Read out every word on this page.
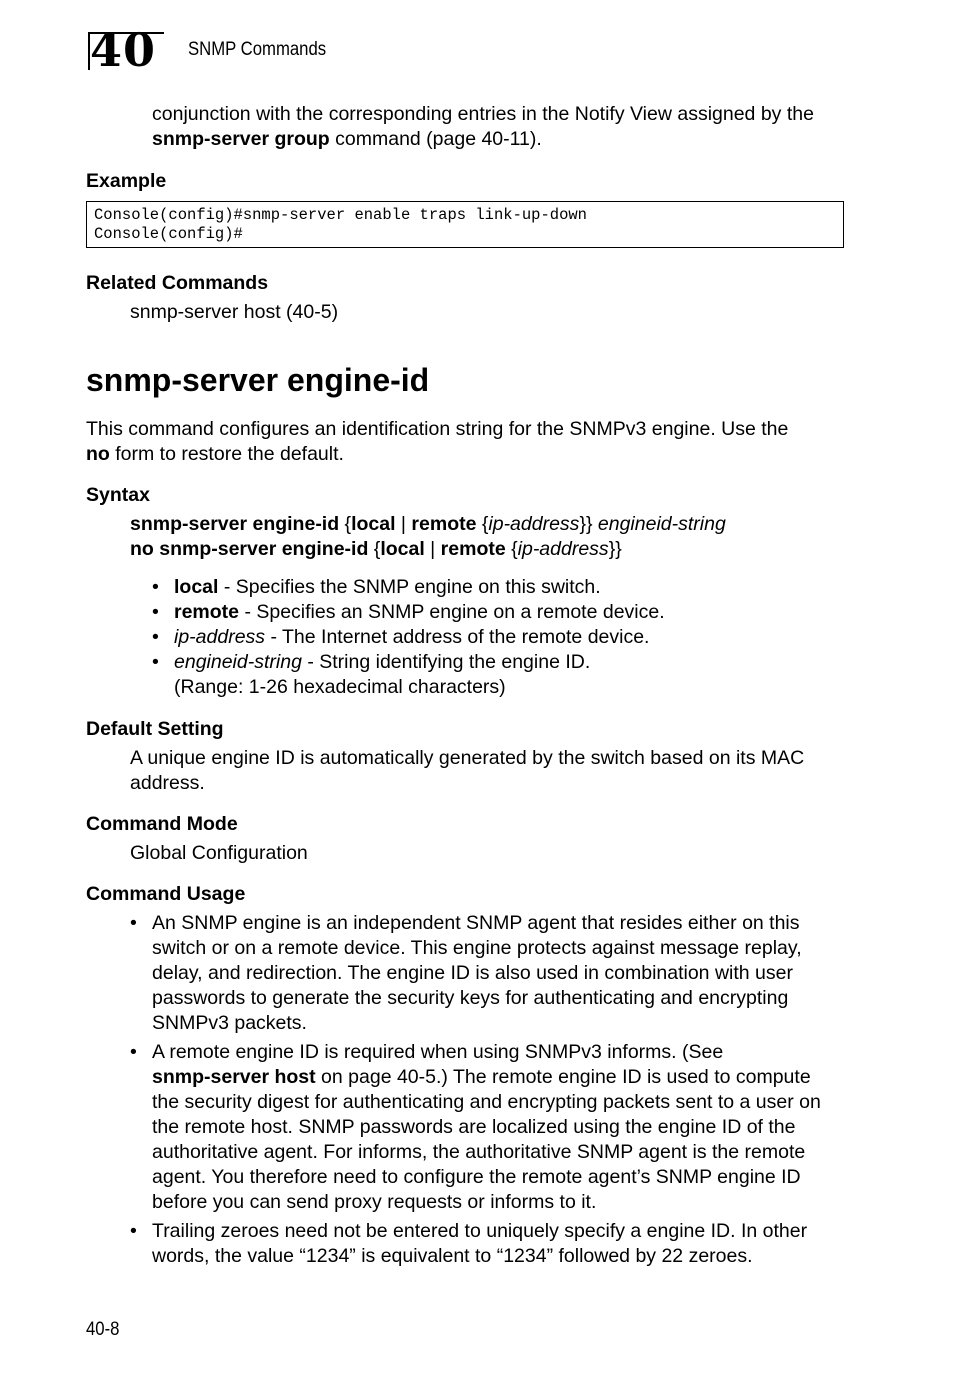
40 SNMP Commands
conjunction with the corresponding entries in the Notify View assigned by the
snmp-server group command (page 40-11).
Example
Console(config)#snmp-server enable traps link-up-down
Console(config)#
Related Commands
snmp-server host (40-5)
snmp-server engine-id
This command configures an identification string for the SNMPv3 engine. Use the
no form to restore the default.
Syntax
snmp-server engine-id {local | remote {ip-address}} engineid-string
no snmp-server engine-id {local | remote {ip-address}}
• local - Specifies the SNMP engine on this switch.
• remote - Specifies an SNMP engine on a remote device.
• ip-address - The Internet address of the remote device.
• engineid-string - String identifying the engine ID.
(Range: 1-26 hexadecimal characters)
Default Setting
A unique engine ID is automatically generated by the switch based on its MAC
address.
Command Mode
Global Configuration
Command Usage
• An SNMP engine is an independent SNMP agent that resides either on this
switch or on a remote device. This engine protects against message replay,
delay, and redirection. The engine ID is also used in combination with user
passwords to generate the security keys for authenticating and encrypting
SNMPv3 packets.
• A remote engine ID is required when using SNMPv3 informs. (See
snmp-server host on page 40-5.) The remote engine ID is used to compute
the security digest for authenticating and encrypting packets sent to a user on
the remote host. SNMP passwords are localized using the engine ID of the
authoritative agent. For informs, the authoritative SNMP agent is the remote
agent. You therefore need to configure the remote agent’s SNMP engine ID
before you can send proxy requests or informs to it.
• Trailing zeroes need not be entered to uniquely specify a engine ID. In other
words, the value “1234” is equivalent to “1234” followed by 22 zeroes.
40-8
